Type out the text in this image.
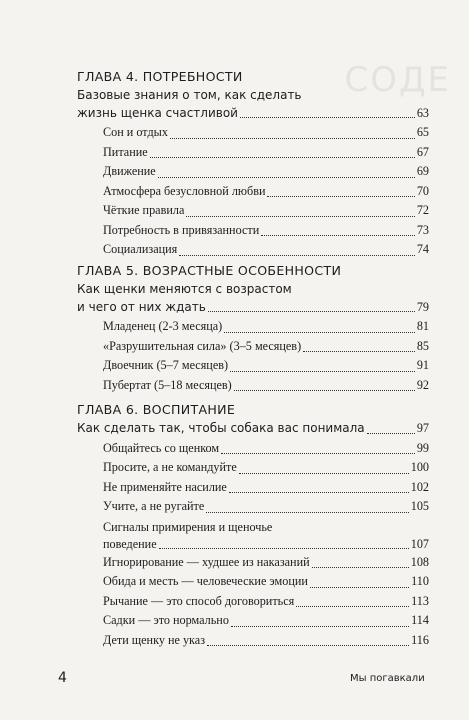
СОДЕ
ГЛАВА 4. ПОТРЕБНОСТИ
Базовые знания о том, как сделать
жизнь щенка счастливой	63
Сон и отдых	65
Питание	67
Движение	69
Атмосфера безусловной любви	70
Чёткие правила	72
Потребность в привязанности	73
Социализация	74
ГЛАВА 5. ВОЗРАСТНЫЕ ОСОБЕННОСТИ
Как щенки меняются с возрастом
и чего от них ждать	79
Младенец (2-3 месяца)	81
«Разрушительная сила» (3–5 месяцев)	85
Двоечник (5–7 месяцев)	91
Пубертат (5–18 месяцев)	92
ГЛАВА 6. ВОСПИТАНИЕ
Как сделать так, чтобы собака вас понимала	97
Общайтесь со щенком	99
Просите, а не командуйте	100
Не применяйте насилие	102
Учите, а не ругайте	105
Сигналы примирения и щеночье
поведение	107
Игнорирование — худшее из наказаний	108
Обида и месть — человеческие эмоции	110
Рычание — это способ договориться	113
Садки — это нормально	114
Дети щенку не указ	116
4	Мы погавкали
